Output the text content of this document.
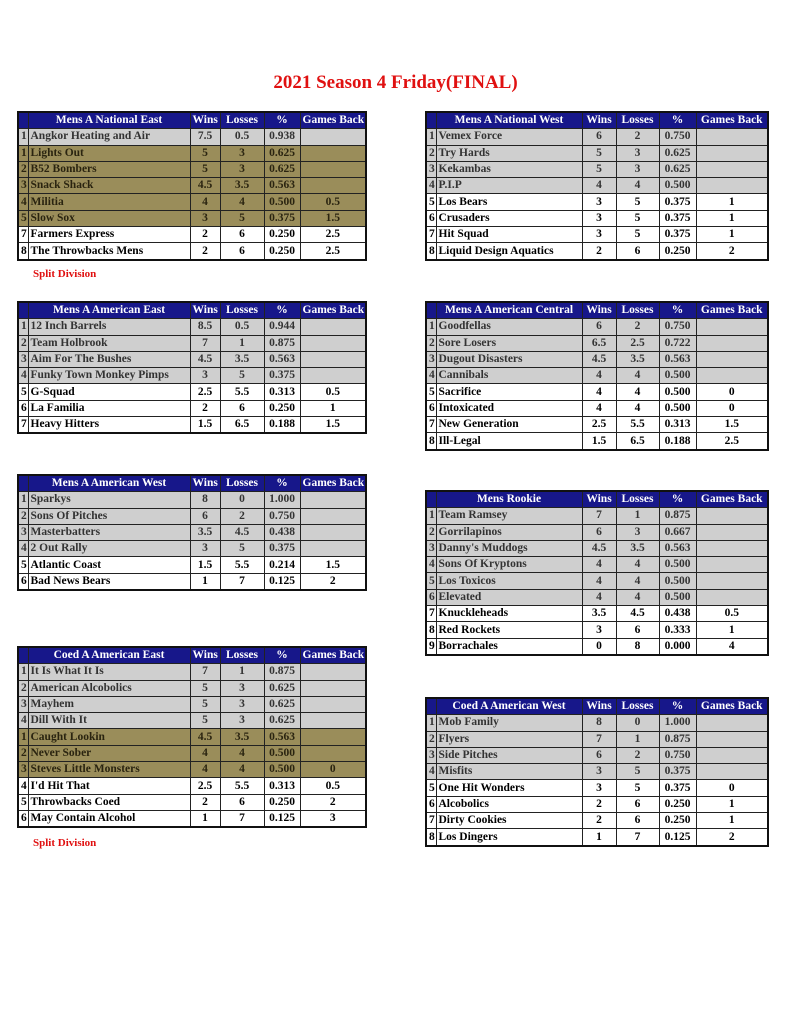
2021 Season 4 Friday(FINAL)
	Mens A National East	Wins	Losses	%	Games Back
1	Angkor Heating and Air	7.5	0.5	0.938	
1	Lights Out	5	3	0.625	
2	B52 Bombers	5	3	0.625	
3	Snack Shack	4.5	3.5	0.563	
4	Militia	4	4	0.500	0.5
5	Slow Sox	3	5	0.375	1.5
7	Farmers Express	2	6	0.250	2.5
8	The Throwbacks Mens	2	6	0.250	2.5
Split Division
	Mens A American East	Wins	Losses	%	Games Back
1	12 Inch Barrels	8.5	0.5	0.944	
2	Team Holbrook	7	1	0.875	
3	Aim For The Bushes	4.5	3.5	0.563	
4	Funky Town Monkey Pimps	3	5	0.375	
5	G-Squad	2.5	5.5	0.313	0.5
6	La Familia	2	6	0.250	1
7	Heavy Hitters	1.5	6.5	0.188	1.5
	Mens A American West	Wins	Losses	%	Games Back
1	Sparkys	8	0	1.000	
2	Sons Of Pitches	6	2	0.750	
3	Masterbatters	3.5	4.5	0.438	
4	2 Out Rally	3	5	0.375	
5	Atlantic Coast	1.5	5.5	0.214	1.5
6	Bad News Bears	1	7	0.125	2
	Coed A American East	Wins	Losses	%	Games Back
1	It Is What It Is	7	1	0.875	
2	American Alcobolics	5	3	0.625	
3	Mayhem	5	3	0.625	
4	Dill With It	5	3	0.625	
1	Caught Lookin	4.5	3.5	0.563	
2	Never Sober	4	4	0.500	
3	Steves Little Monsters	4	4	0.500	0
4	I'd Hit That	2.5	5.5	0.313	0.5
5	Throwbacks Coed	2	6	0.250	2
6	May Contain Alcohol	1	7	0.125	3
Split Division
	Mens A National West	Wins	Losses	%	Games Back
1	Vemex Force	6	2	0.750	
2	Try Hards	5	3	0.625	
3	Kekambas	5	3	0.625	
4	P.I.P	4	4	0.500	
5	Los Bears	3	5	0.375	1
6	Crusaders	3	5	0.375	1
7	Hit Squad	3	5	0.375	1
8	Liquid Design Aquatics	2	6	0.250	2
	Mens A American Central	Wins	Losses	%	Games Back
1	Goodfellas	6	2	0.750	
2	Sore Losers	6.5	2.5	0.722	
3	Dugout Disasters	4.5	3.5	0.563	
4	Cannibals	4	4	0.500	
5	Sacrifice	4	4	0.500	0
6	Intoxicated	4	4	0.500	0
7	New Generation	2.5	5.5	0.313	1.5
8	Ill-Legal	1.5	6.5	0.188	2.5
	Mens Rookie	Wins	Losses	%	Games Back
1	Team Ramsey	7	1	0.875	
2	Gorrilapinos	6	3	0.667	
3	Danny's Muddogs	4.5	3.5	0.563	
4	Sons Of Kryptons	4	4	0.500	
5	Los Toxicos	4	4	0.500	
6	Elevated	4	4	0.500	
7	Knuckleheads	3.5	4.5	0.438	0.5
8	Red Rockets	3	6	0.333	1
9	Borrachales	0	8	0.000	4
	Coed A American West	Wins	Losses	%	Games Back
1	Mob Family	8	0	1.000	
2	Flyers	7	1	0.875	
3	Side Pitches	6	2	0.750	
4	Misfits	3	5	0.375	
5	One Hit Wonders	3	5	0.375	0
6	Alcobolics	2	6	0.250	1
7	Dirty Cookies	2	6	0.250	1
8	Los Dingers	1	7	0.125	2
